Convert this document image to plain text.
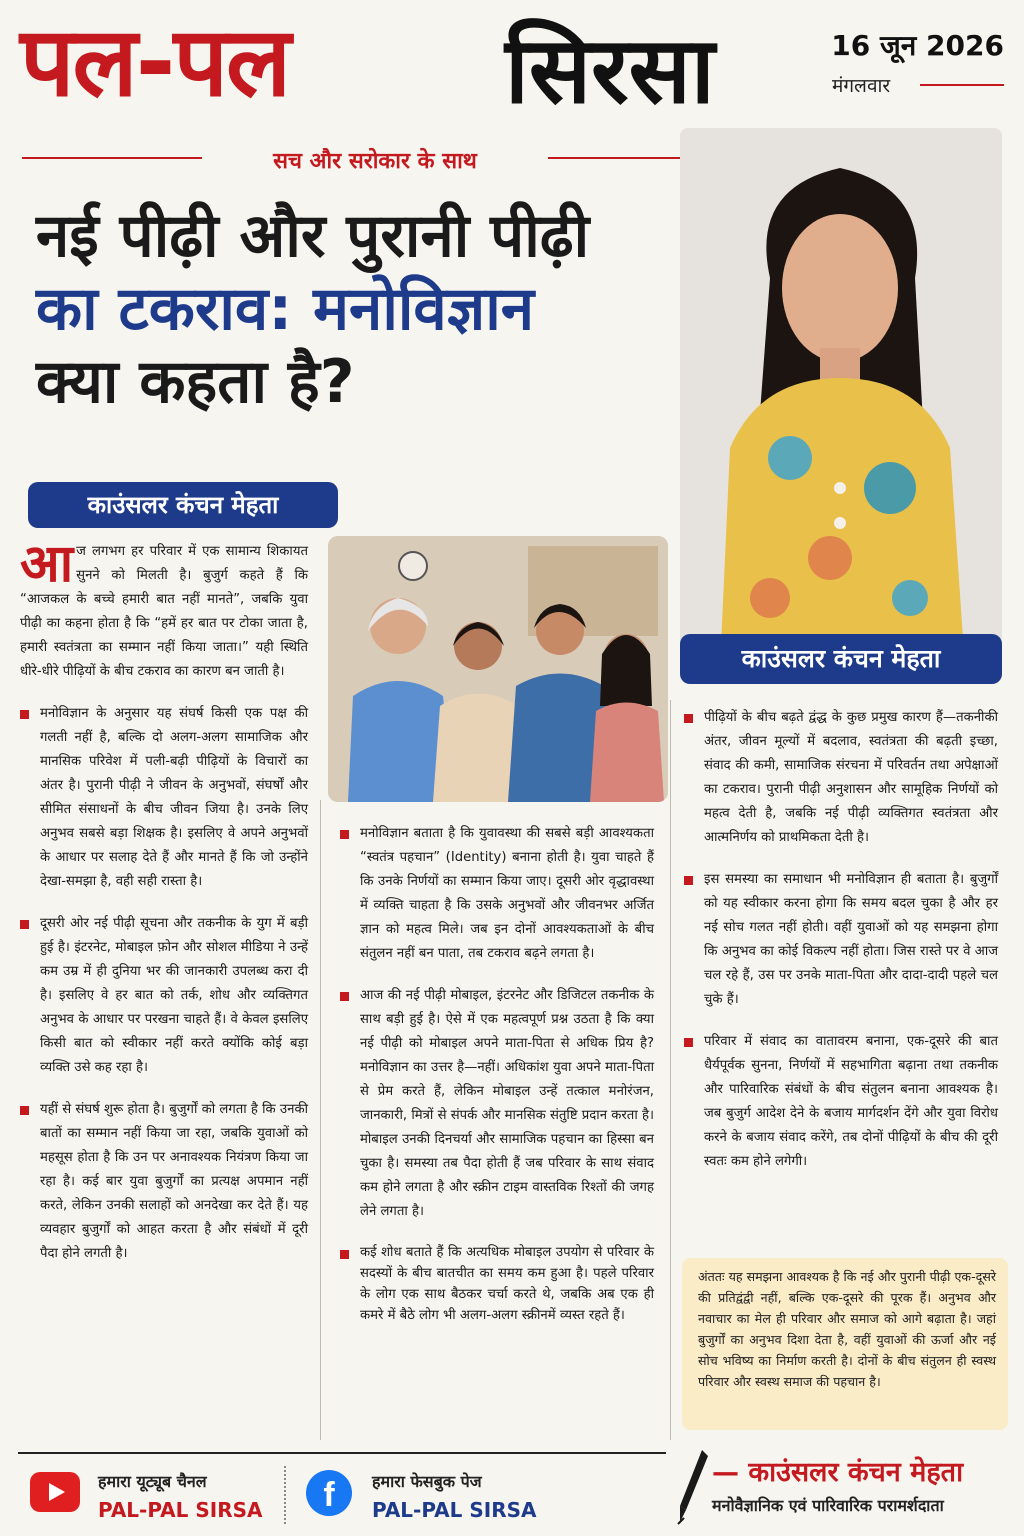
पल-पल सिरसा	16 जून 2026
मंगलवार
सच और सरोकार के साथ
नई पीढ़ी और पुरानी पीढ़ी
का टकराव: मनोविज्ञान
क्या कहता है?
काउंसलर कंचन मेहता
काउंसलर कंचन मेहता

आज लगभग हर परिवार में एक सामान्य शिकायत सुनने को मिलती है। बुजुर्ग कहते हैं कि “आजकल के बच्चे हमारी बात नहीं मानते”, जबकि युवा पीढ़ी का कहना होता है कि “हमें हर बात पर टोका जाता है, हमारी स्वतंत्रता का सम्मान नहीं किया जाता।” यही स्थिति धीरे-धीरे पीढ़ियों के बीच टकराव का कारण बन जाती है।

मनोविज्ञान के अनुसार यह संघर्ष किसी एक पक्ष की गलती नहीं है, बल्कि दो अलग-अलग सामाजिक और मानसिक परिवेश में पली-बढ़ी पीढ़ियों के विचारों का अंतर है। पुरानी पीढ़ी ने जीवन के अनुभवों, संघर्षों और सीमित संसाधनों के बीच जीवन जिया है। उनके लिए अनुभव सबसे बड़ा शिक्षक है। इसलिए वे अपने अनुभवों के आधार पर सलाह देते हैं और मानते हैं कि जो उन्होंने देखा-समझा है, वही सही रास्ता है।

दूसरी ओर नई पीढ़ी सूचना और तकनीक के युग में बड़ी हुई है। इंटरनेट, मोबाइल फ़ोन और सोशल मीडिया ने उन्हें कम उम्र में ही दुनिया भर की जानकारी उपलब्ध करा दी है। इसलिए वे हर बात को तर्क, शोध और व्यक्तिगत अनुभव के आधार पर परखना चाहते हैं। वे केवल इसलिए किसी बात को स्वीकार नहीं करते क्योंकि कोई बड़ा व्यक्ति उसे कह रहा है।

यहीं से संघर्ष शुरू होता है। बुजुर्गों को लगता है कि उनकी बातों का सम्मान नहीं किया जा रहा, जबकि युवाओं को महसूस होता है कि उन पर अनावश्यक नियंत्रण किया जा रहा है। कई बार युवा बुजुर्गों का प्रत्यक्ष अपमान नहीं करते, लेकिन उनकी सलाहों को अनदेखा कर देते हैं। यह व्यवहार बुजुर्गों को आहत करता है और संबंधों में दूरी पैदा होने लगती है।

मनोविज्ञान बताता है कि युवावस्था की सबसे बड़ी आवश्यकता “स्वतंत्र पहचान” (Identity) बनाना होती है। युवा चाहते हैं कि उनके निर्णयों का सम्मान किया जाए। दूसरी ओर वृद्धावस्था में व्यक्ति चाहता है कि उसके अनुभवों और जीवनभर अर्जित ज्ञान को महत्व मिले। जब इन दोनों आवश्यकताओं के बीच संतुलन नहीं बन पाता, तब टकराव बढ़ने लगता है।

आज की नई पीढ़ी मोबाइल, इंटरनेट और डिजिटल तकनीक के साथ बड़ी हुई है। ऐसे में एक महत्वपूर्ण प्रश्न उठता है कि क्या नई पीढ़ी को मोबाइल अपने माता-पिता से अधिक प्रिय है? मनोविज्ञान का उत्तर है—नहीं। अधिकांश युवा अपने माता-पिता से प्रेम करते हैं, लेकिन मोबाइल उन्हें तत्काल मनोरंजन, जानकारी, मित्रों से संपर्क और मानसिक संतुष्टि प्रदान करता है। मोबाइल उनकी दिनचर्या और सामाजिक पहचान का हिस्सा बन चुका है। समस्या तब पैदा होती हैं जब परिवार के साथ संवाद कम होने लगता है और स्क्रीन टाइम वास्तविक रिश्तों की जगह लेने लगता है।

कई शोध बताते हैं कि अत्यधिक मोबाइल उपयोग से परिवार के सदस्यों के बीच बातचीत का समय कम हुआ है। पहले परिवार के लोग एक साथ बैठकर चर्चा करते थे, जबकि अब एक ही कमरे में बैठे लोग भी अलग-अलग स्क्रीनमें व्यस्त रहते हैं।

पीढ़ियों के बीच बढ़ते द्वंद्ध के कुछ प्रमुख कारण हैं—तकनीकी अंतर, जीवन मूल्यों में बदलाव, स्वतंत्रता की बढ़ती इच्छा, संवाद की कमी, सामाजिक संरचना में परिवर्तन तथा अपेक्षाओं का टकराव। पुरानी पीढ़ी अनुशासन और सामूहिक निर्णयों को महत्व देती है, जबकि नई पीढ़ी व्यक्तिगत स्वतंत्रता और आत्मनिर्णय को प्राथमिकता देती है।

इस समस्या का समाधान भी मनोविज्ञान ही बताता है। बुजुर्गों को यह स्वीकार करना होगा कि समय बदल चुका है और हर नई सोच गलत नहीं होती। वहीं युवाओं को यह समझना होगा कि अनुभव का कोई विकल्प नहीं होता। जिस रास्ते पर वे आज चल रहे हैं, उस पर उनके माता-पिता और दादा-दादी पहले चल चुके हैं।

परिवार में संवाद का वातावरम बनाना, एक-दूसरे की बात धैर्यपूर्वक सुनना, निर्णयों में सहभागिता बढ़ाना तथा तकनीक और पारिवारिक संबंधों के बीच संतुलन बनाना आवश्यक है। जब बुजुर्ग आदेश देने के बजाय मार्गदर्शन देंगे और युवा विरोध करने के बजाय संवाद करेंगे, तब दोनों पीढ़ियों के बीच की दूरी स्वतः कम होने लगेगी।

अंततः यह समझना आवश्यक है कि नई और पुरानी पीढ़ी एक-दूसरे की प्रतिद्वंद्वी नहीं, बल्कि एक-दूसरे की पूरक हैं। अनुभव और नवाचार का मेल ही परिवार और समाज को आगे बढ़ाता है। जहां बुजुर्गों का अनुभव दिशा देता है, वहीं युवाओं की ऊर्जा और नई सोच भविष्य का निर्माण करती है। दोनों के बीच संतुलन ही स्वस्थ परिवार और स्वस्थ समाज की पहचान है।
हमारा यूट्यूब चैनल
PAL-PAL SIRSA	f	हमारा फेसबुक पेज
PAL-PAL SIRSA
— काउंसलर कंचन मेहता
मनोवैज्ञानिक एवं पारिवारिक परामर्शदाता
